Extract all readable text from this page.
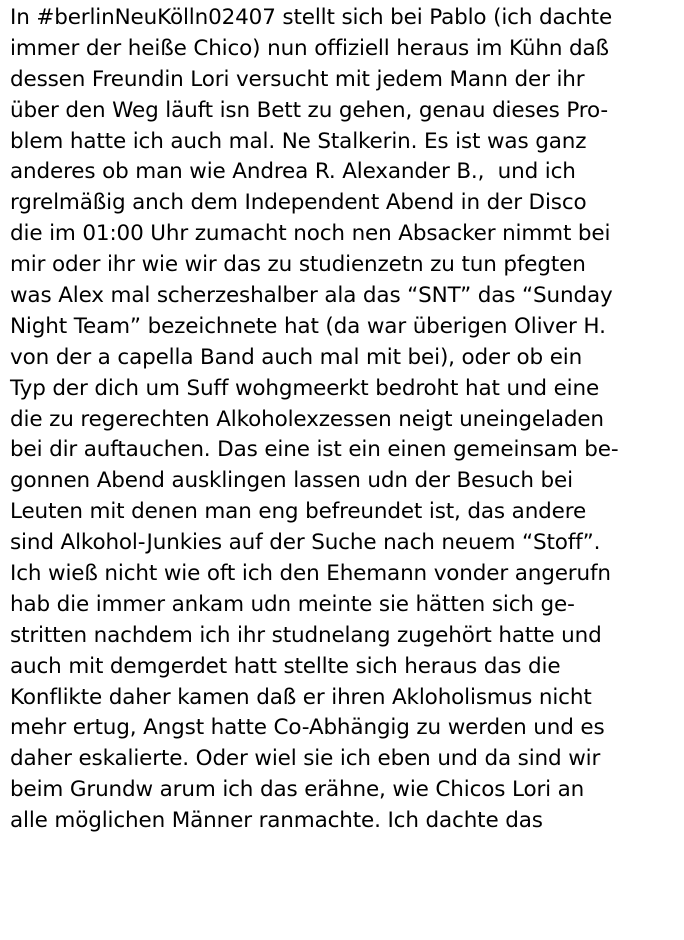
In #berlinNeuKölln02407 stellt sich bei Pablo (ich dachte
immer der heiße Chico) nun offiziell heraus im Kühn daß
dessen Freundin Lori versucht mit jedem Mann der ihr
über den Weg läuft isn Bett zu gehen, genau dieses Pro-
blem hatte ich auch mal. Ne Stalkerin. Es ist was ganz
anderes ob man wie Andrea R. Alexander B.,  und ich
rgrelmäßig anch dem Independent Abend in der Disco
die im 01:00 Uhr zumacht noch nen Absacker nimmt bei
mir oder ihr wie wir das zu studienzetn zu tun pfegten
was Alex mal scherzeshalber ala das “SNT” das “Sunday
Night Team” bezeichnete hat (da war überigen Oliver H.
von der a capella Band auch mal mit bei), oder ob ein
Typ der dich um Suff wohgmeerkt bedroht hat und eine
die zu regerechten Alkoholexzessen neigt uneingeladen
bei dir auftauchen. Das eine ist ein einen gemeinsam be-
gonnen Abend ausklingen lassen udn der Besuch bei
Leuten mit denen man eng befreundet ist, das andere
sind Alkohol-Junkies auf der Suche nach neuem “Stoff”.
Ich wieß nicht wie oft ich den Ehemann vonder angerufn
hab die immer ankam udn meinte sie hätten sich ge-
stritten nachdem ich ihr studnelang zugehört hatte und
auch mit demgerdet hatt stellte sich heraus das die
Konflikte daher kamen daß er ihren Akloholismus nicht
mehr ertug, Angst hatte Co-Abhängig zu werden und es
daher eskalierte. Oder wiel sie ich eben und da sind wir
beim Grundw arum ich das erähne, wie Chicos Lori an
alle möglichen Männer ranmachte. Ich dachte das
